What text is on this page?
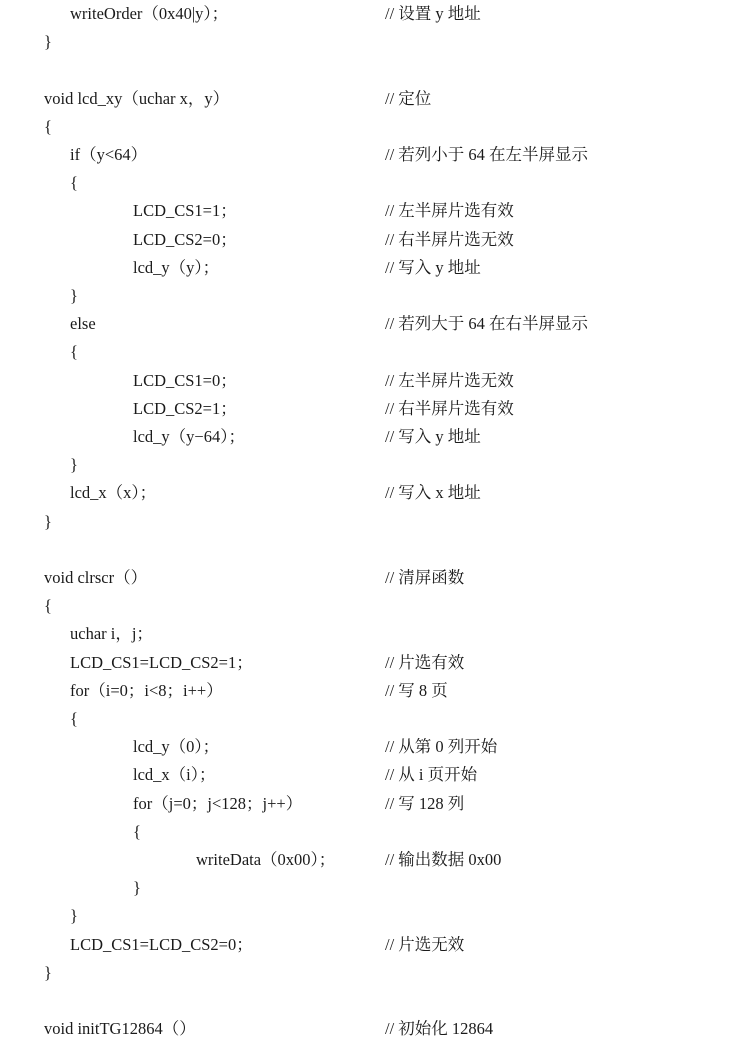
writeOrder（0x40|y）；	// 设置 y 地址
}
void lcd_xy（uchar x，y）	// 定位
{
if（y<64）	// 若列小于 64 在左半屏显示
{
LCD_CS1=1；	// 左半屏片选有效
LCD_CS2=0；	// 右半屏片选无效
lcd_y（y）；	// 写入 y 地址
}
else	// 若列大于 64 在右半屏显示
{
LCD_CS1=0；	// 左半屏片选无效
LCD_CS2=1；	// 右半屏片选有效
lcd_y（y−64）；	// 写入 y 地址
}
lcd_x（x）；	// 写入 x 地址
}
void clrscr（）	// 清屏函数
{
uchar i，j；
LCD_CS1=LCD_CS2=1；	// 片选有效
for（i=0；i<8；i++）	// 写 8 页
{
lcd_y（0）；	// 从第 0 列开始
lcd_x（i）；	// 从 i 页开始
for（j=0；j<128；j++）	// 写 128 列
{
writeData（0x00）；	// 输出数据 0x00
}
}
LCD_CS1=LCD_CS2=0；	// 片选无效
}
void initTG12864（）	// 初始化 12864
